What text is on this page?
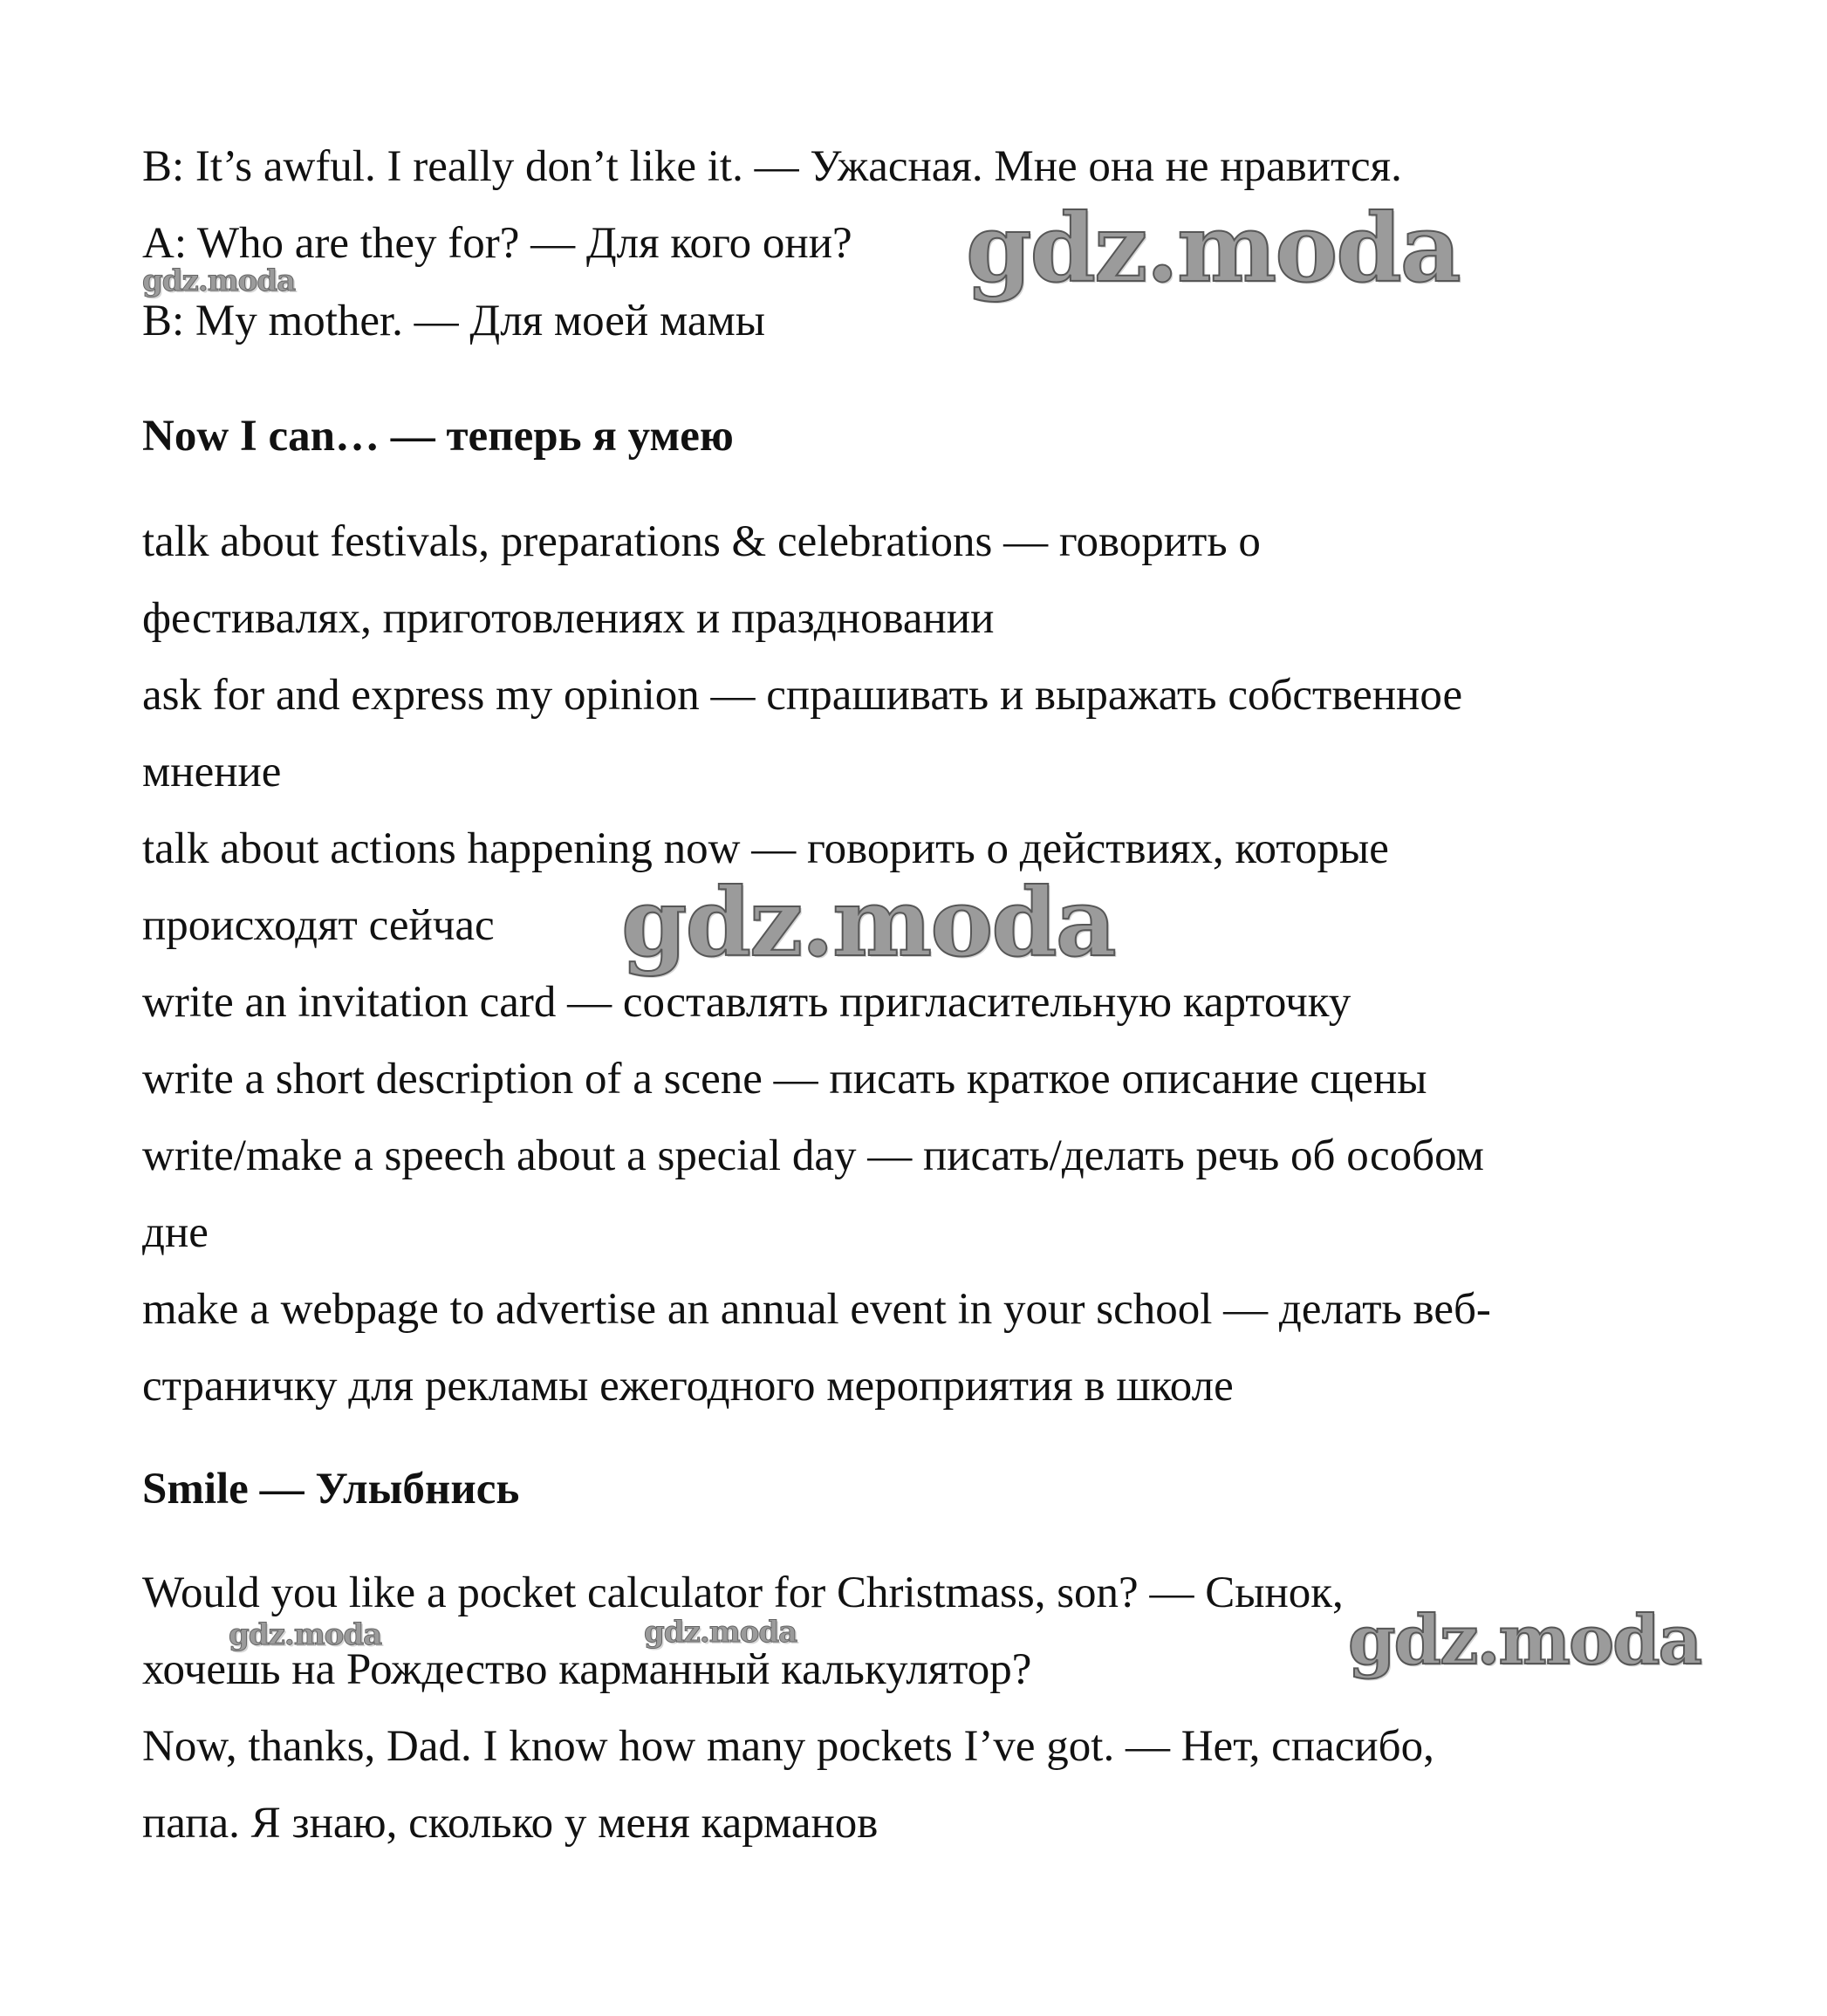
B: It’s awful. I really don’t like it. — Ужасная. Мне она не нравится.
A: Who are they for? — Для кого они?
B: My mother. — Для моей мамы
Now I can… — теперь я умею
talk about festivals, preparations & celebrations — говорить о
фестивалях, приготовлениях и праздновании
ask for and express my opinion — спрашивать и выражать собственное
мнение
talk about actions happening now — говорить о действиях, которые
происходят сейчас
write an invitation card — составлять пригласительную карточку
write a short description of a scene — писать краткое описание сцены
write/make a speech about a special day — писать/делать речь об особом
дне
make a webpage to advertise an annual event in your school — делать веб-
страничку для рекламы ежегодного мероприятия в школе
Smile — Улыбнись
Would you like a pocket calculator for Christmass, son? — Сынок,
хочешь на Рождество карманный калькулятор?
Now, thanks, Dad. I know how many pockets I’ve got. — Нет, спасибо,
папа. Я знаю, сколько у меня карманов
gdz.moda
gdz.moda
gdz.moda
gdz.moda	gdz.moda	gdz.moda
